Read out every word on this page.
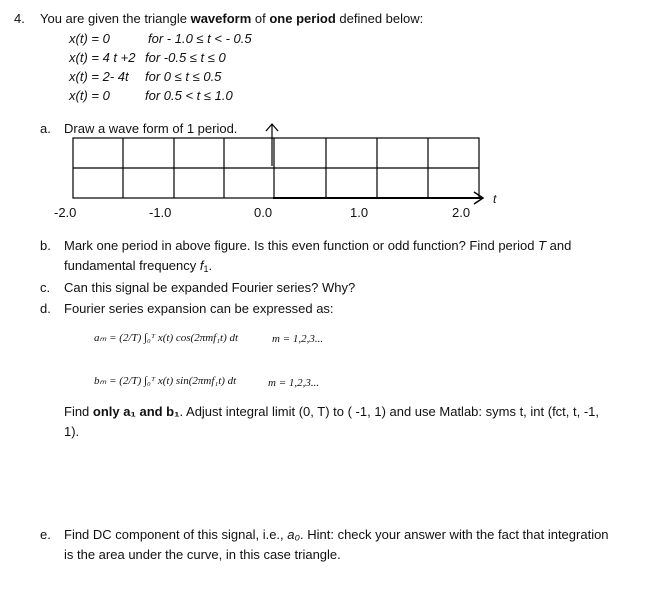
4. You are given the triangle waveform of one period defined below:
x(t) = 0	for - 1.0 ≤ t < - 0.5
x(t) = 4 t +2 for -0.5 ≤ t ≤ 0
x(t) = 2- 4t for 0 ≤ t ≤ 0.5
x(t) = 0	for 0.5 < t ≤ 1.0
a. Draw a wave form of 1 period.
-2.0	-1.0	0.0	1.0	2.0
t
b. Mark one period in above figure. Is this even function or odd function? Find period T and
fundamental frequency $f_1$.
c. Can this signal be expanded Fourier series? Why?
d. Fourier series expansion can be expressed as:
aₘ = (2/T) ∫₀ᵀ x(t) cos(2πmf₁t) dt	m = 1,2,3...
bₘ = (2/T) ∫₀ᵀ x(t) sin(2πmf₁t) dt	m = 1,2,3...
Find only a₁ and b₁. Adjust integral limit (0, T) to ( -1, 1) and use Matlab: syms t, int (fct, t, -1,
1).
e. Find DC component of this signal, i.e., a₀. Hint: check your answer with the fact that integration
is the area under the curve, in this case triangle.
